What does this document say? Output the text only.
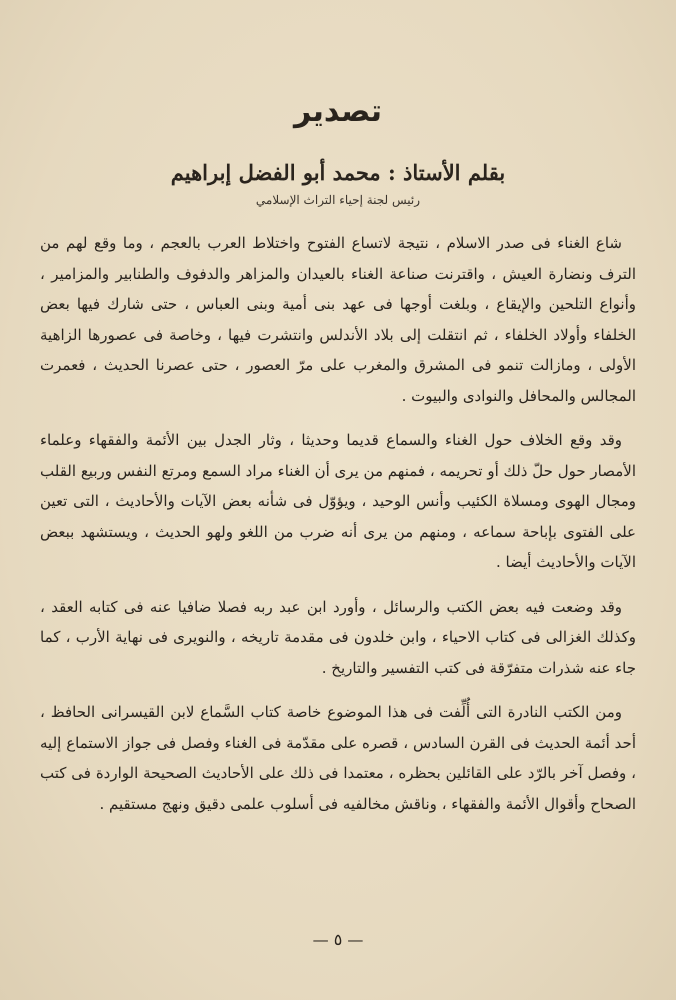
تصدير

بقلم الأستاذ : محمد أبو الفضل إبراهيم

رئيس لجنة إحياء التراث الإسلامي

شاع الغناء فى صدر الاسلام ، نتيجة لاتساع الفتوح واختلاط العرب بالعجم ، وما وقع لهم من الترف ونضارة العيش ، واقترنت صناعة الغناء بالعيدان والمزاهر والدفوف والطنابير والمزامير ، وأنواع التلحين والإيقاع ، وبلغت أوجها فى عهد بنى أمية وبنى العباس ، حتى شارك فيها بعض الخلفاء وأولاد الخلفاء ، ثم انتقلت إلى بلاد الأندلس وانتشرت فيها ، وخاصة فى عصورها الزاهية الأولى ، ومازالت تنمو فى المشرق والمغرب على مرّ العصور ، حتى عصرنا الحديث ، فعمرت المجالس والمحافل والنوادى والبيوت .

وقد وقع الخلاف حول الغناء والسماع قديما وحديثا ، وثار الجدل بين الأئمة والفقهاء وعلماء الأمصار حول حلّ ذلك أو تحريمه ، فمنهم من يرى أن الغناء مراد السمع ومرتع النفس وربيع القلب ومجال الهوى ومسلاة الكئيب وأنس الوحيد ، ويؤوّل فى شأنه بعض الآيات والأحاديث ، التى تعين على الفتوى بإباحة سماعه ، ومنهم من يرى أنه ضرب من اللغو ولهو الحديث ، ويستشهد ببعض الآيات والأحاديث أيضا .

وقد وضعت فيه بعض الكتب والرسائل ، وأورد ابن عبد ربه فصلا ضافيا عنه فى كتابه العقد ، وكذلك الغزالى فى كتاب الاحياء ، وابن خلدون فى مقدمة تاريخه ، والنويرى فى نهاية الأرب ، كما جاء عنه شذرات متفرّقة فى كتب التفسير والتاريخ .

ومن الكتب النادرة التى أُلِّفت فى هذا الموضوع خاصة كتاب السَّماع لابن القيسرانى الحافظ ، أحد أئمة الحديث فى القرن السادس ، قصره على مقدّمة فى الغناء وفصل فى جواز الاستماع إليه ، وفصل آخر بالرّد على القائلين بحظره ، معتمدا فى ذلك على الأحاديث الصحيحة الواردة فى كتب الصحاح وأقوال الأئمة والفقهاء ، وناقش مخالفيه فى أسلوب علمى دقيق ونهج مستقيم .

— ٥ —
